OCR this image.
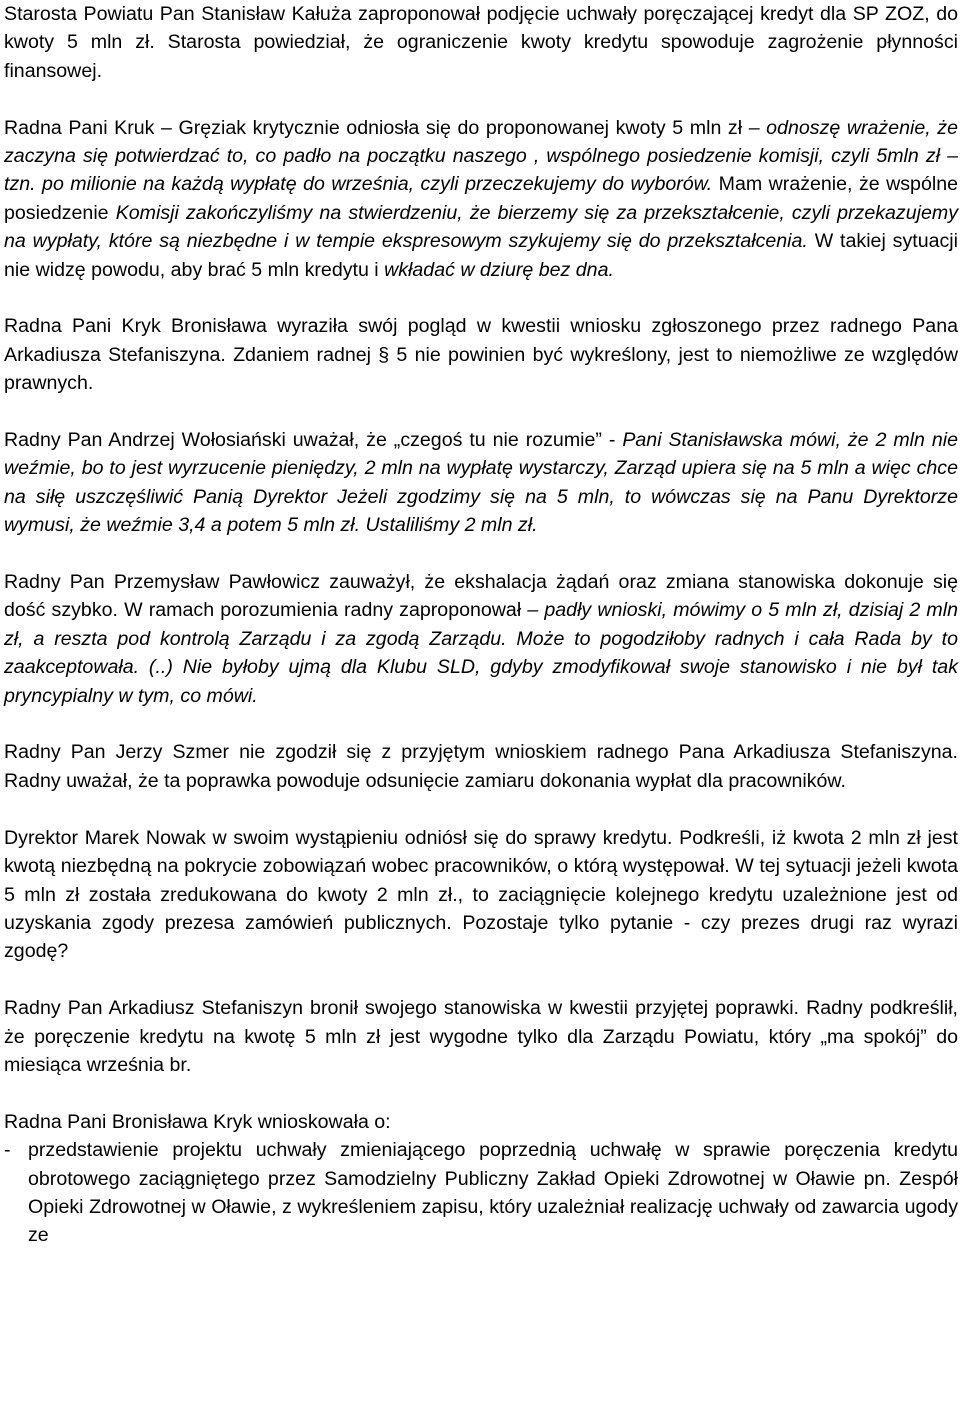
Starosta Powiatu Pan Stanisław Kałuża zaproponował podjęcie uchwały poręczającej kredyt dla SP ZOZ, do kwoty 5 mln zł. Starosta powiedział, że ograniczenie kwoty kredytu spowoduje zagrożenie płynności finansowej.

Radna Pani Kruk – Gręziak krytycznie odniosła się do proponowanej kwoty 5 mln zł – odnoszę wrażenie, że zaczyna się potwierdzać to, co padło na początku naszego , wspólnego posiedzenie komisji, czyli 5mln zł – tzn. po milionie na każdą wypłatę do września, czyli przeczekujemy do wyborów. Mam wrażenie, że wspólne posiedzenie Komisji zakończyliśmy na stwierdzeniu, że bierzemy się za przekształcenie, czyli przekazujemy na wypłaty, które są niezbędne i w tempie ekspresowym szykujemy się do przekształcenia. W takiej sytuacji nie widzę powodu, aby brać 5 mln kredytu i wkładać w dziurę bez dna.

Radna Pani Kryk Bronisława wyraziła swój pogląd w kwestii wniosku zgłoszonego przez radnego Pana Arkadiusza Stefaniszyna. Zdaniem radnej § 5 nie powinien być wykreślony, jest to niemożliwe ze względów prawnych.

Radny Pan Andrzej Wołosiański uważał, że „czegoś tu nie rozumie” - Pani Stanisławska mówi, że 2 mln nie weźmie, bo to jest wyrzucenie pieniędzy, 2 mln na wypłatę wystarczy, Zarząd upiera się na 5 mln a więc chce na siłę uszczęśliwić Panią Dyrektor Jeżeli zgodzimy się na 5 mln, to wówczas się na Panu Dyrektorze wymusi, że weźmie 3,4 a potem 5 mln zł. Ustaliliśmy 2 mln zł.

Radny Pan Przemysław Pawłowicz zauważył, że ekshalacja żądań oraz zmiana stanowiska dokonuje się dość szybko. W ramach porozumienia radny zaproponował – padły wnioski, mówimy o 5 mln zł, dzisiaj 2 mln zł, a reszta pod kontrolą Zarządu i za zgodą Zarządu. Może to pogodziłoby radnych i cała Rada by to zaakceptowała. (..) Nie byłoby ujmą dla Klubu SLD, gdyby zmodyfikował swoje stanowisko i nie był tak pryncypialny w tym, co mówi.

Radny Pan Jerzy Szmer nie zgodził się z przyjętym wnioskiem radnego Pana Arkadiusza Stefaniszyna. Radny uważał, że ta poprawka powoduje odsunięcie zamiaru dokonania wypłat dla pracowników.

Dyrektor Marek Nowak w swoim wystąpieniu odniósł się do sprawy kredytu. Podkreśli, iż kwota 2 mln zł jest kwotą niezbędną na pokrycie zobowiązań wobec pracowników, o którą występował. W tej sytuacji jeżeli kwota 5 mln zł została zredukowana do kwoty 2 mln zł., to zaciągnięcie kolejnego kredytu uzależnione jest od uzyskania zgody prezesa zamówień publicznych. Pozostaje tylko pytanie - czy prezes drugi raz wyrazi zgodę?

Radny Pan Arkadiusz Stefaniszyn bronił swojego stanowiska w kwestii przyjętej poprawki. Radny podkreślił, że poręczenie kredytu na kwotę 5 mln zł jest wygodne tylko dla Zarządu Powiatu, który „ma spokój” do miesiąca września br.

Radna Pani Bronisława Kryk wnioskowała o:

- przedstawienie projektu uchwały zmieniającego poprzednią uchwałę w sprawie poręczenia kredytu obrotowego zaciągniętego przez Samodzielny Publiczny Zakład Opieki Zdrowotnej w Oławie pn. Zespół Opieki Zdrowotnej w Oławie, z wykreśleniem zapisu, który uzależniał realizację uchwały od zawarcia ugody ze
